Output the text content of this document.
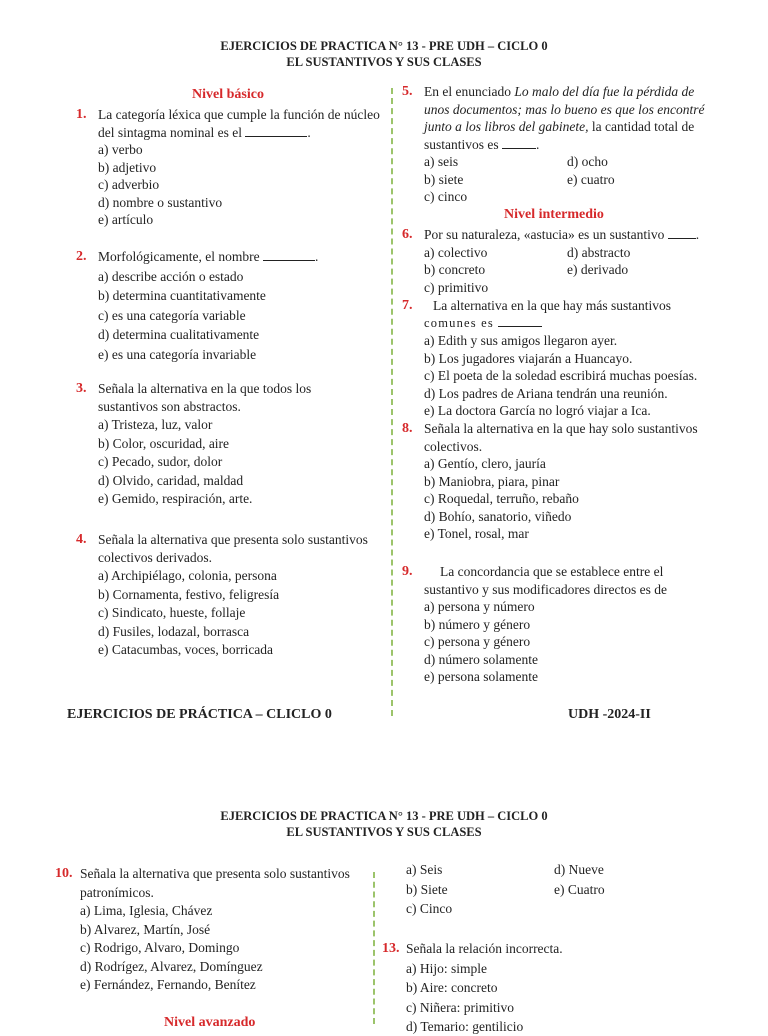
EJERCICIOS DE PRACTICA N° 13 - PRE UDH – CICLO 0
EL SUSTANTIVOS Y SUS CLASES
Nivel básico
1. La categoría léxica que cumple la función de núcleo
del sintagma nominal es el	.
a) verbo
b) adjetivo
c) adverbio
d) nombre o sustantivo
e) artículo
2. Morfológicamente, el nombre	.
a) describe acción o estado
b) determina cuantitativamente
c) es una categoría variable
d) determina cualitativamente
e) es una categoría invariable
3. Señala la alternativa en la que todos los
sustantivos son abstractos.
a) Tristeza, luz, valor
b) Color, oscuridad, aire
c) Pecado, sudor, dolor
d) Olvido, caridad, maldad
e) Gemido, respiración, arte.
4. Señala la alternativa que presenta solo sustantivos
colectivos derivados.
a) Archipiélago, colonia, persona
b) Cornamenta, festivo, feligresía
c) Sindicato, hueste, follaje
d) Fusiles, lodazal, borrasca
e) Catacumbas, voces, borricada
5. En el enunciado Lo malo del día fue la pérdida de
unos documentos; mas lo bueno es que los encontré
junto a los libros del gabinete, la cantidad total de
sustantivos es	.
a) seis
b) siete
c) cinco
d) ocho
e) cuatro
Nivel intermedio
6. Por su naturaleza, «astucia» es un sustantivo .
a) colectivo
b) concreto
c) primitivo
d) abstracto
e) derivado
7.	La alternativa en la que hay más sustantivos
comunes es
a) Edith y sus amigos llegaron ayer.
b) Los jugadores viajarán a Huancayo.
c) El poeta de la soledad escribirá muchas poesías.
d) Los padres de Ariana tendrán una reunión.
e) La doctora García no logró viajar a Ica.
8. Señala la alternativa en la que hay solo sustantivos
colectivos.
a) Gentío, clero, jauría
b) Maniobra, piara, pinar
c) Roquedal, terruño, rebaño
d) Bohío, sanatorio, viñedo
e) Tonel, rosal, mar
9.	La concordancia que se establece entre el
sustantivo y sus modificadores directos es de
a) persona y número
b) número y género
c) persona y género
d) número solamente
e) persona solamente
EJERCICIOS DE PRÁCTICA – CLICLO 0	UDH -2024-II
EJERCICIOS DE PRACTICA N° 13 - PRE UDH – CICLO 0
EL SUSTANTIVOS Y SUS CLASES
10. Señala la alternativa que presenta solo sustantivos
patronímicos.
a) Lima, Iglesia, Chávez
b) Alvarez, Martín, José
c) Rodrigo, Alvaro, Domingo
d) Rodrígez, Alvarez, Domínguez
e) Fernández, Fernando, Benítez
Nivel avanzado
a) Seis
b) Siete
c) Cinco
d) Nueve
e) Cuatro
13. Señala la relación incorrecta.
a) Hijo: simple
b) Aire: concreto
c) Niñera: primitivo
d) Temario: gentilicio
